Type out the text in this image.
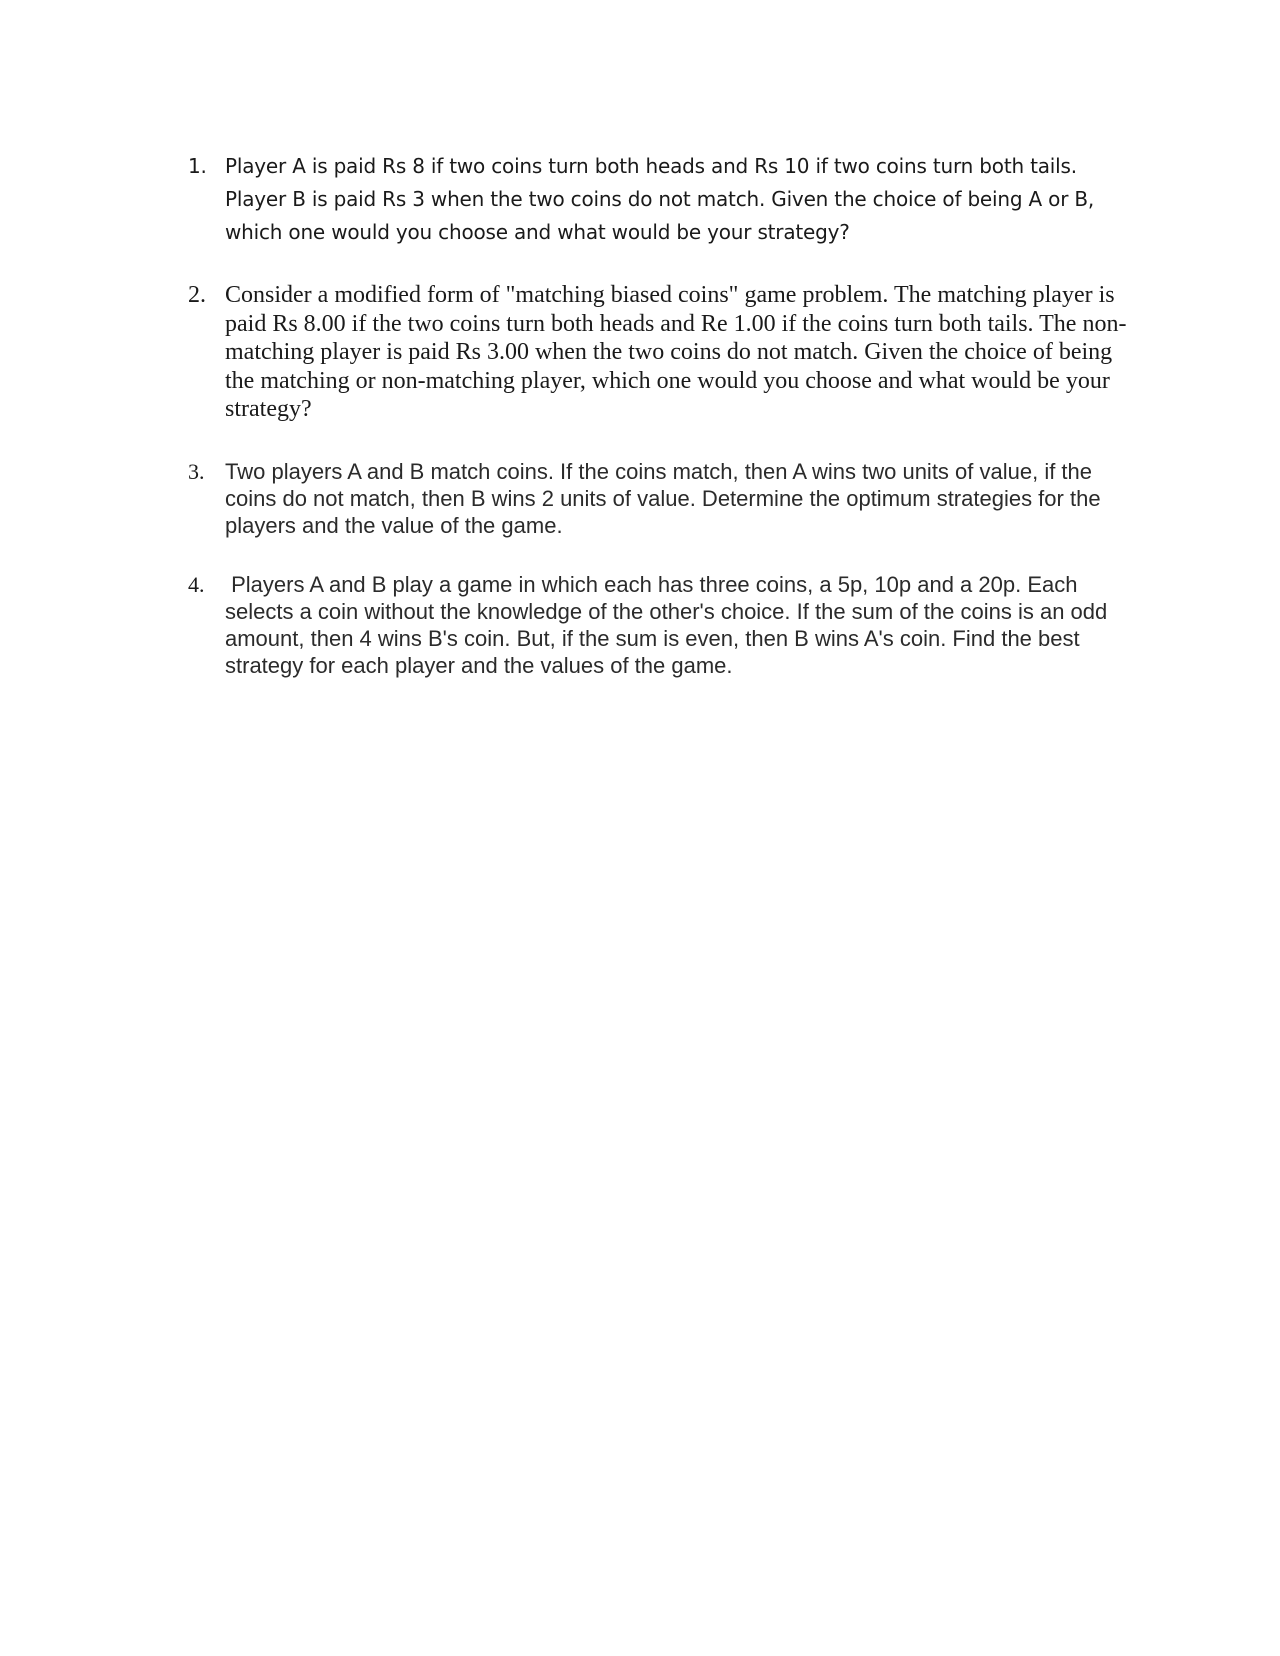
1. Player A is paid Rs 8 if two coins turn both heads and Rs 10 if two coins turn both tails. Player B is paid Rs 3 when the two coins do not match. Given the choice of being A or B, which one would you choose and what would be your strategy?
2. Consider a modified form of "matching biased coins" game problem. The matching player is paid Rs 8.00 if the two coins turn both heads and Re 1.00 if the coins turn both tails. The non-matching player is paid Rs 3.00 when the two coins do not match. Given the choice of being the matching or non-matching player, which one would you choose and what would be your strategy?
3. Two players A and B match coins. If the coins match, then A wins two units of value, if the coins do not match, then B wins 2 units of value. Determine the optimum strategies for the players and the value of the game.
4. Players A and B play a game in which each has three coins, a 5p, 10p and a 20p. Each selects a coin without the knowledge of the other's choice. If the sum of the coins is an odd amount, then 4 wins B's coin. But, if the sum is even, then B wins A's coin. Find the best strategy for each player and the values of the game.
